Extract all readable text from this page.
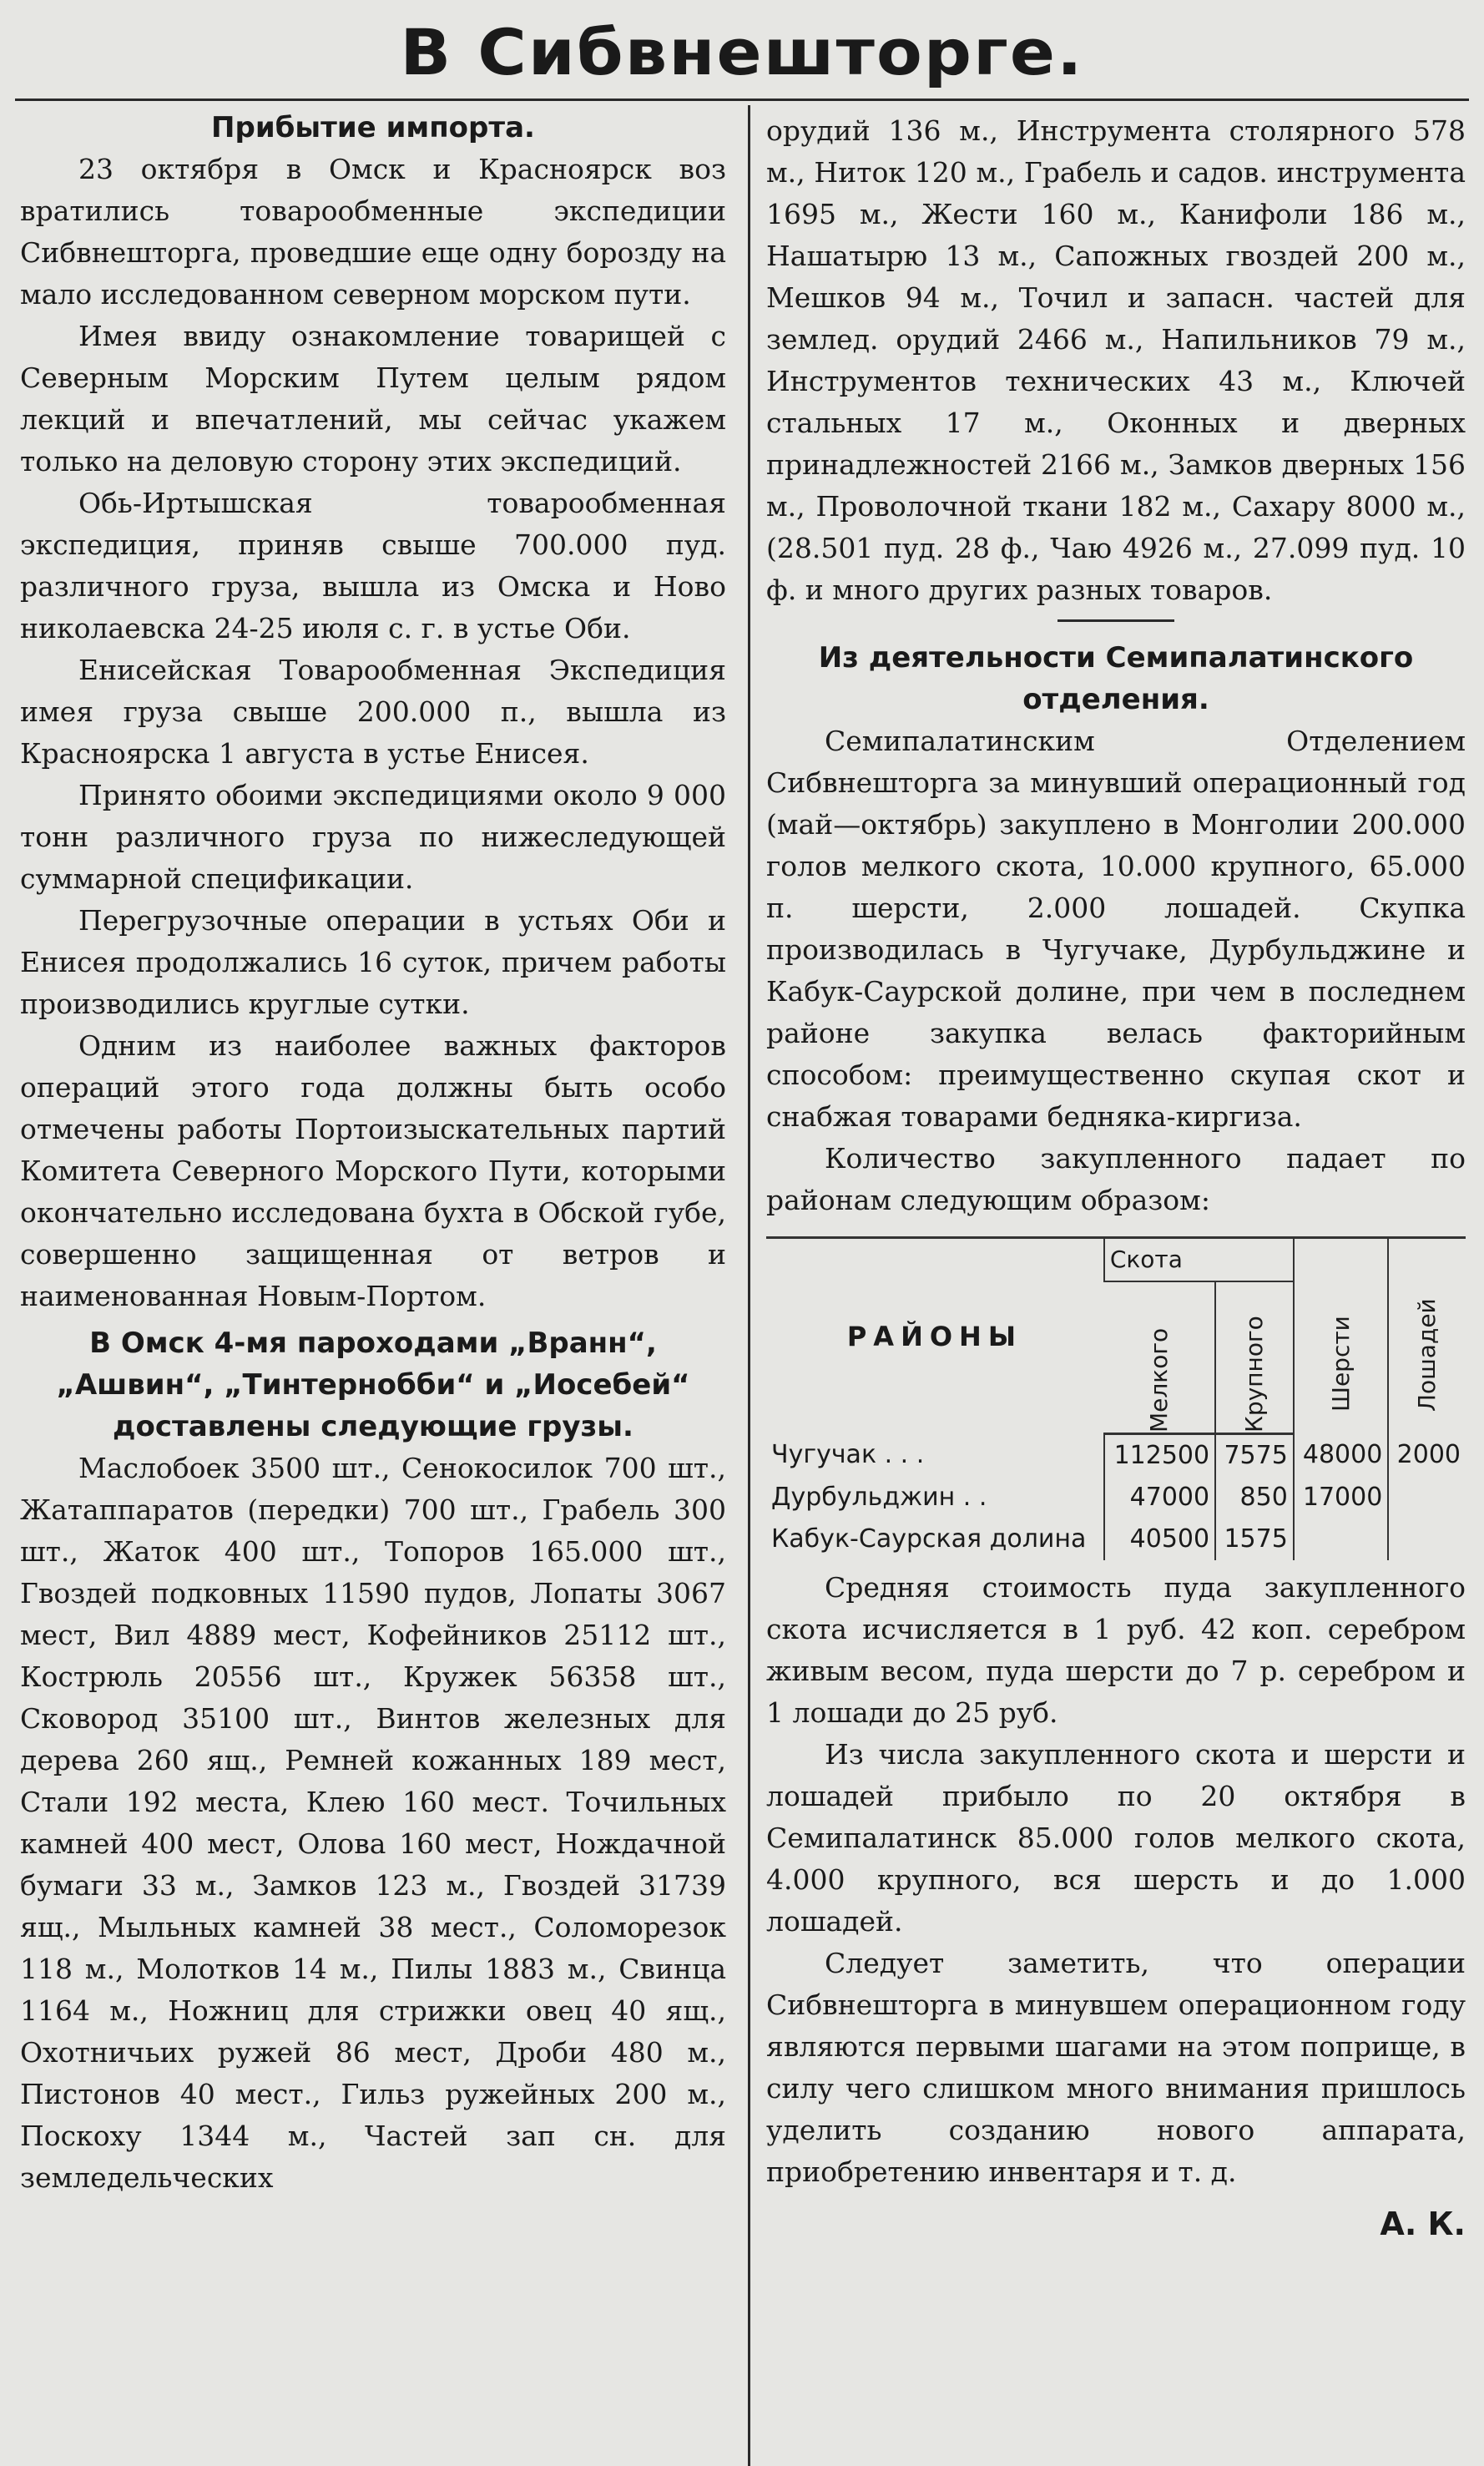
В Сибвнешторге.
Прибытие импорта.

23 октября в Омск и Красноярск воз вратились товарообменные экспедиции Сибвнешторга, проведшие еще одну борозду на мало исследованном северном морском пути.

Имея ввиду ознакомление товарищей с Северным Морским Путем целым рядом лекций и впечатлений, мы сейчас укажем только на деловую сторону этих экспедиций.

Обь-Иртышская товарообменная экспедиция, приняв свыше 700.000 пуд. различного груза, вышла из Омска и Ново николаевска 24-25 июля с. г. в устье Оби.

Енисейская Товарообменная Экспедиция имея груза свыше 200.000 п., вышла из Красноярска 1 августа в устье Енисея.

Принято обоими экспедициями около 9 000 тонн различного груза по нижеследующей суммарной спецификации.

Перегрузочные операции в устьях Оби и Енисея продолжались 16 суток, причем работы производились круглые сутки.

Одним из наиболее важных факторов операций этого года должны быть особо отмечены работы Портоизыскательных партий Комитета Северного Морского Пути, которыми окончательно исследована бухта в Обской губе, совершенно защищенная от ветров и наименованная Новым-Портом.

В Омск 4-мя пароходами „Вранн“, „Ашвин“, „Тинтернобби“ и „Иосебей“ доставлены следующие грузы.

Маслобоек 3500 шт., Сенокосилок 700 шт., Жатаппаратов (передки) 700 шт., Грабель 300 шт., Жаток 400 шт., Топоров 165.000 шт., Гвоздей подковных 11590 пудов, Лопаты 3067 мест, Вил 4889 мест, Кофейников 25112 шт., Кострюль 20556 шт., Кружек 56358 шт., Сковород 35100 шт., Винтов железных для дерева 260 ящ., Ремней кожанных 189 мест, Стали 192 места, Клею 160 мест. Точильных камней 400 мест, Олова 160 мест, Нождачной бумаги 33 м., Замков 123 м., Гвоздей 31739 ящ., Мыльных камней 38 мест., Соломорезок 118 м., Молотков 14 м., Пилы 1883 м., Свинца 1164 м., Ножниц для стрижки овец 40 ящ., Охотничьих ружей 86 мест, Дроби 480 м., Пистонов 40 мест., Гильз ружейных 200 м., Поскоху 1344 м., Частей зап сн. для земледельческих

орудий 136 м., Инструмента столярного 578 м., Ниток 120 м., Грабель и садов. инструмента 1695 м., Жести 160 м., Канифоли 186 м., Нашатырю 13 м., Сапожных гвоздей 200 м., Мешков 94 м., Точил и запасн. частей для землед. орудий 2466 м., Напильников 79 м., Инструментов технических 43 м., Ключей стальных 17 м., Оконных и дверных принадлежностей 2166 м., Замков дверных 156 м., Проволочной ткани 182 м., Сахару 8000 м., (28.501 пуд. 28 ф., Чаю 4926 м., 27.099 пуд. 10 ф. и много других разных товаров.

Из деятельности Семипалатинского отделения.

Семипалатинским Отделением Сибвнешторга за минувший операционный год (май—октябрь) закуплено в Монголии 200.000 голов мелкого скота, 10.000 крупного, 65.000 п. шерсти, 2.000 лошадей. Скупка производилась в Чугучаке, Дурбульджине и Кабук-Саурской долине, при чем в последнем районе закупка велась факторийным способом: преимущественно скупая скот и снабжая товарами бедняка-киргиза.

Количество закупленного падает по районам следующим образом:

РАЙОНЫ	Скота		Шерсти	Лошадей

	Мелкого	Крупного		

Чугучак . . .	112500	7575	48000	2000
Дурбульджин . .	47000	850	17000	
Кабук-Саурская долина	40500	1575		

Средняя стоимость пуда закупленного скота исчисляется в 1 руб. 42 коп. серебром живым весом, пуда шерсти до 7 р. серебром и 1 лошади до 25 руб.

Из числа закупленного скота и шерсти и лошадей прибыло по 20 октября в Семипалатинск 85.000 голов мелкого скота, 4.000 крупного, вся шерсть и до 1.000 лошадей.

Следует заметить, что операции Сибвнешторга в минувшем операционном году являются первыми шагами на этом поприще, в силу чего слишком много внимания пришлось уделить созданию нового аппарата, приобретению инвентаря и т. д.

А. К.
